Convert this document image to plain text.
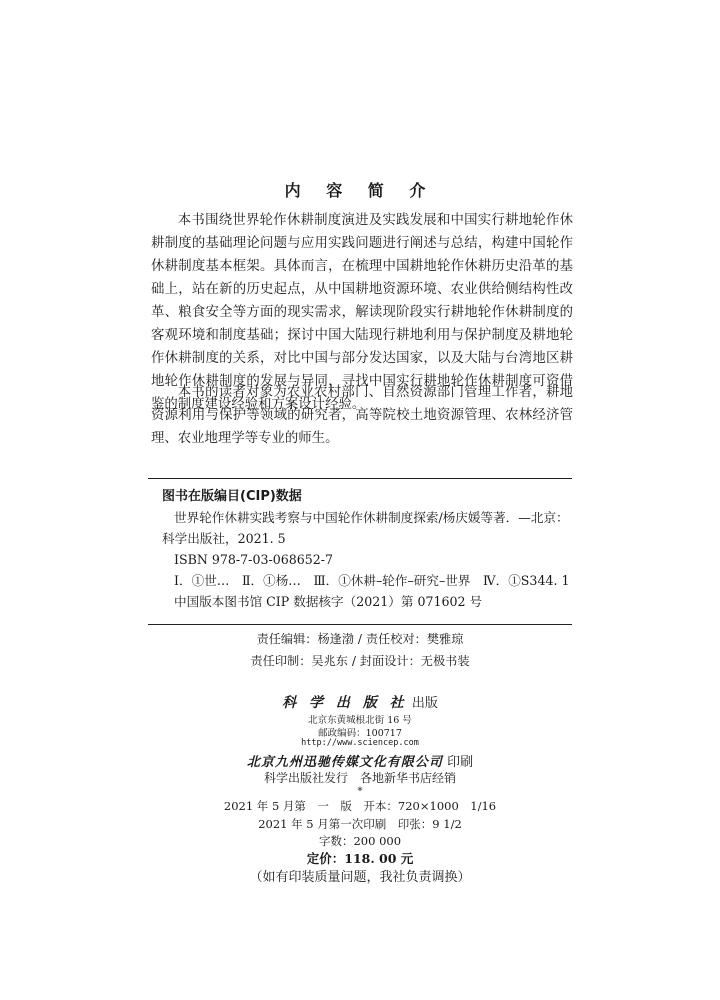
内 容 简 介

本书围绕世界轮作休耕制度演进及实践发展和中国实行耕地轮作休耕制度的基础理论问题与应用实践问题进行阐述与总结，构建中国轮作休耕制度基本框架。具体而言，在梳理中国耕地轮作休耕历史沿革的基础上，站在新的历史起点，从中国耕地资源环境、农业供给侧结构性改革、粮食安全等方面的现实需求，解读现阶段实行耕地轮作休耕制度的客观环境和制度基础；探讨中国大陆现行耕地利用与保护制度及耕地轮作休耕制度的关系，对比中国与部分发达国家，以及大陆与台湾地区耕地轮作休耕制度的发展与异同，寻找中国实行耕地轮作休耕制度可资借鉴的制度建设经验和方案设计经验。

本书的读者对象为农业农村部门、自然资源部门管理工作者，耕地资源利用与保护等领域的研究者，高等院校土地资源管理、农林经济管理、农业地理学等专业的师生。

图书在版编目(CIP)数据

世界轮作休耕实践考察与中国轮作休耕制度探索/杨庆媛等著．—北京：

科学出版社，2021. 5

ISBN 978-7-03-068652-7

Ⅰ．①世…　Ⅱ．①杨…　Ⅲ．①休耕–轮作–研究–世界　Ⅳ．①S344. 1

中国版本图书馆 CIP 数据核字（2021）第 071602 号

责任编辑：杨逢渤 / 责任校对：樊雅琼
责任印制：吴兆东 / 封面设计：无极书装
科 学 出 版 社 出版
北京东黄城根北街 16 号
邮政编码：100717
http://www.sciencep.com
北京九州迅驰传媒文化有限公司 印刷
科学出版社发行　各地新华书店经销
*
2021 年 5 月第　一　版　开本：720×1000　1/16
2021 年 5 月第一次印刷　印张：9 1/2
字数：200 000
定价：118. 00 元
（如有印装质量问题，我社负责调换）
